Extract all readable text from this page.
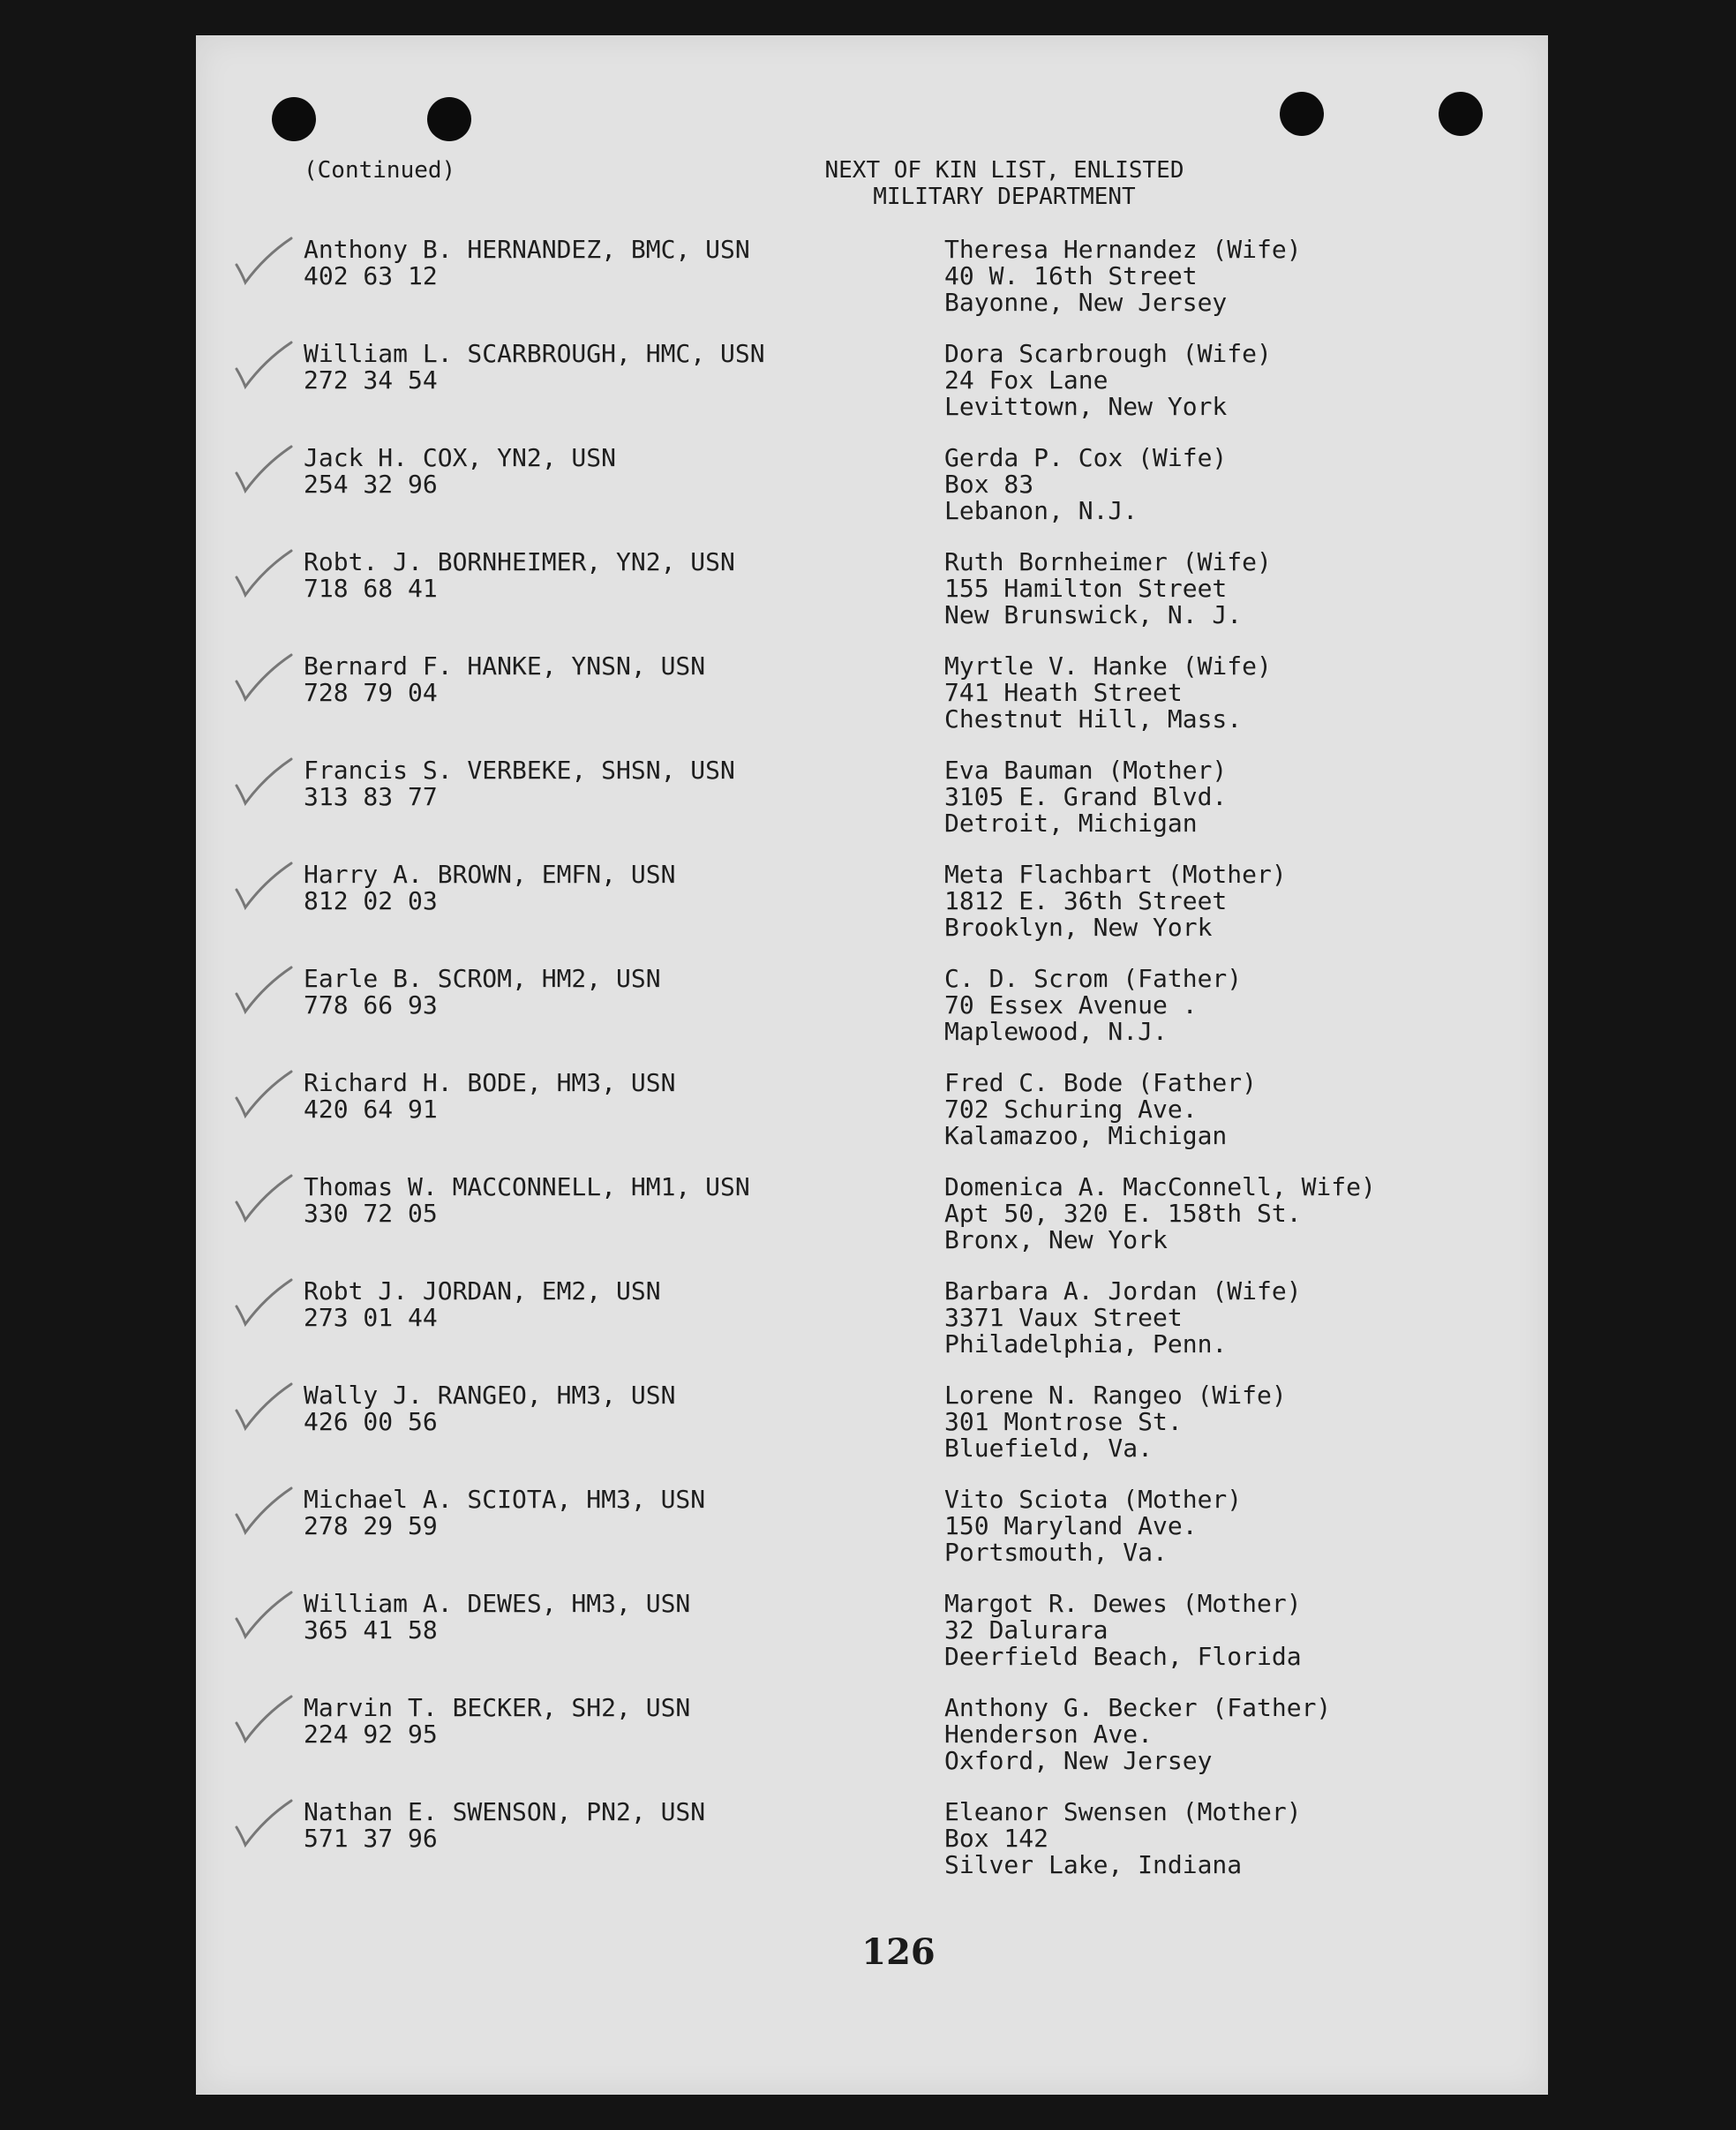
(Continued)	NEXT OF KIN LIST, ENLISTED
MILITARY DEPARTMENT
Anthony B. HERNANDEZ, BMC, USN
402 63 12
Theresa Hernandez (Wife)
40 W. 16th Street
Bayonne, New Jersey
William L. SCARBROUGH, HMC, USN
272 34 54
Dora Scarbrough (Wife)
24 Fox Lane
Levittown, New York
Jack H. COX, YN2, USN
254 32 96
Gerda P. Cox (Wife)
Box 83
Lebanon, N.J.
Robt. J. BORNHEIMER, YN2, USN
718 68 41
Ruth Bornheimer (Wife)
155 Hamilton Street
New Brunswick, N. J.
Bernard F. HANKE, YNSN, USN
728 79 04
Myrtle V. Hanke (Wife)
741 Heath Street
Chestnut Hill, Mass.
Francis S. VERBEKE, SHSN, USN
313 83 77
Eva Bauman (Mother)
3105 E. Grand Blvd.
Detroit, Michigan
Harry A. BROWN, EMFN, USN
812 02 03
Meta Flachbart (Mother)
1812 E. 36th Street
Brooklyn, New York
Earle B. SCROM, HM2, USN
778 66 93
C. D. Scrom (Father)
70 Essex Avenue .
Maplewood, N.J.
Richard H. BODE, HM3, USN
420 64 91
Fred C. Bode (Father)
702 Schuring Ave.
Kalamazoo, Michigan
Thomas W. MACCONNELL, HM1, USN
330 72 05
Domenica A. MacConnell, Wife)
Apt 50, 320 E. 158th St.
Bronx, New York
Robt J. JORDAN, EM2, USN
273 01 44
Barbara A. Jordan (Wife)
3371 Vaux Street
Philadelphia, Penn.
Wally J. RANGEO, HM3, USN
426 00 56
Lorene N. Rangeo (Wife)
301 Montrose St.
Bluefield, Va.
Michael A. SCIOTA, HM3, USN
278 29 59
Vito Sciota (Mother)
150 Maryland Ave.
Portsmouth, Va.
William A. DEWES, HM3, USN
365 41 58
Margot R. Dewes (Mother)
32 Dalurara
Deerfield Beach, Florida
Marvin T. BECKER, SH2, USN
224 92 95
Anthony G. Becker (Father)
Henderson Ave.
Oxford, New Jersey
Nathan E. SWENSON, PN2, USN
571 37 96
Eleanor Swensen (Mother)
Box 142
Silver Lake, Indiana
126
